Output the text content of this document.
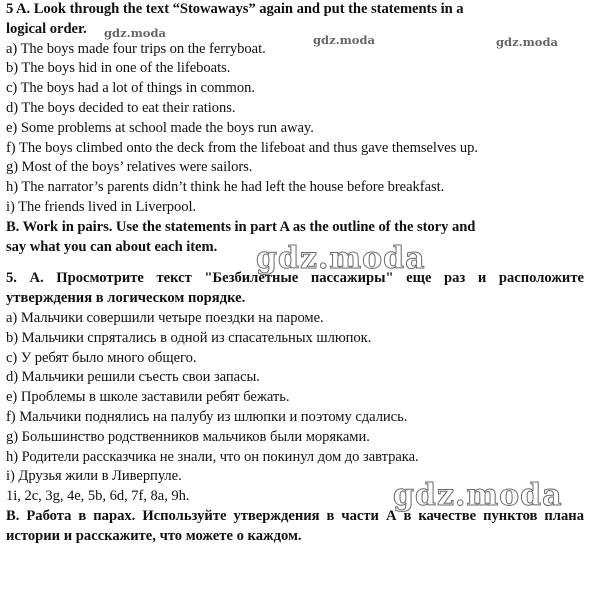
5 A. Look through the text “Stowaways” again and put the statements in a
logical order.
a) The boys made four trips on the ferryboat.
b) The boys hid in one of the lifeboats.
c) The boys had a lot of things in common.
d) The boys decided to eat their rations.
e) Some problems at school made the boys run away.
f) The boys climbed onto the deck from the lifeboat and thus gave themselves up.
g) Most of the boys’ relatives were sailors.
h) The narrator’s parents didn’t think he had left the house before breakfast.
i) The friends lived in Liverpool.
B. Work in pairs. Use the statements in part A as the outline of the story and
say what you can about each item.
5. А. Просмотрите текст "Безбилетные пассажиры" еще раз и расположите утверждения в логическом порядке.
а) Мальчики совершили четыре поездки на пароме.
b) Мальчики спрятались в одной из спасательных шлюпок.
c) У ребят было много общего.
d) Мальчики решили съесть свои запасы.
e) Проблемы в школе заставили ребят бежать.
f) Мальчики поднялись на палубу из шлюпки и поэтому сдались.
g) Большинство родственников мальчиков были моряками.
h) Родители рассказчика не знали, что он покинул дом до завтрака.
i) Друзья жили в Ливерпуле.
1i, 2c, 3g, 4e, 5b, 6d, 7f, 8a, 9h.
В. Работа в парах. Используйте утверждения в части А в качестве пунктов плана истории и расскажите, что можете о каждом.
gdz.moda	gdz.moda	gdz.moda
gdz.moda
gdz.moda
